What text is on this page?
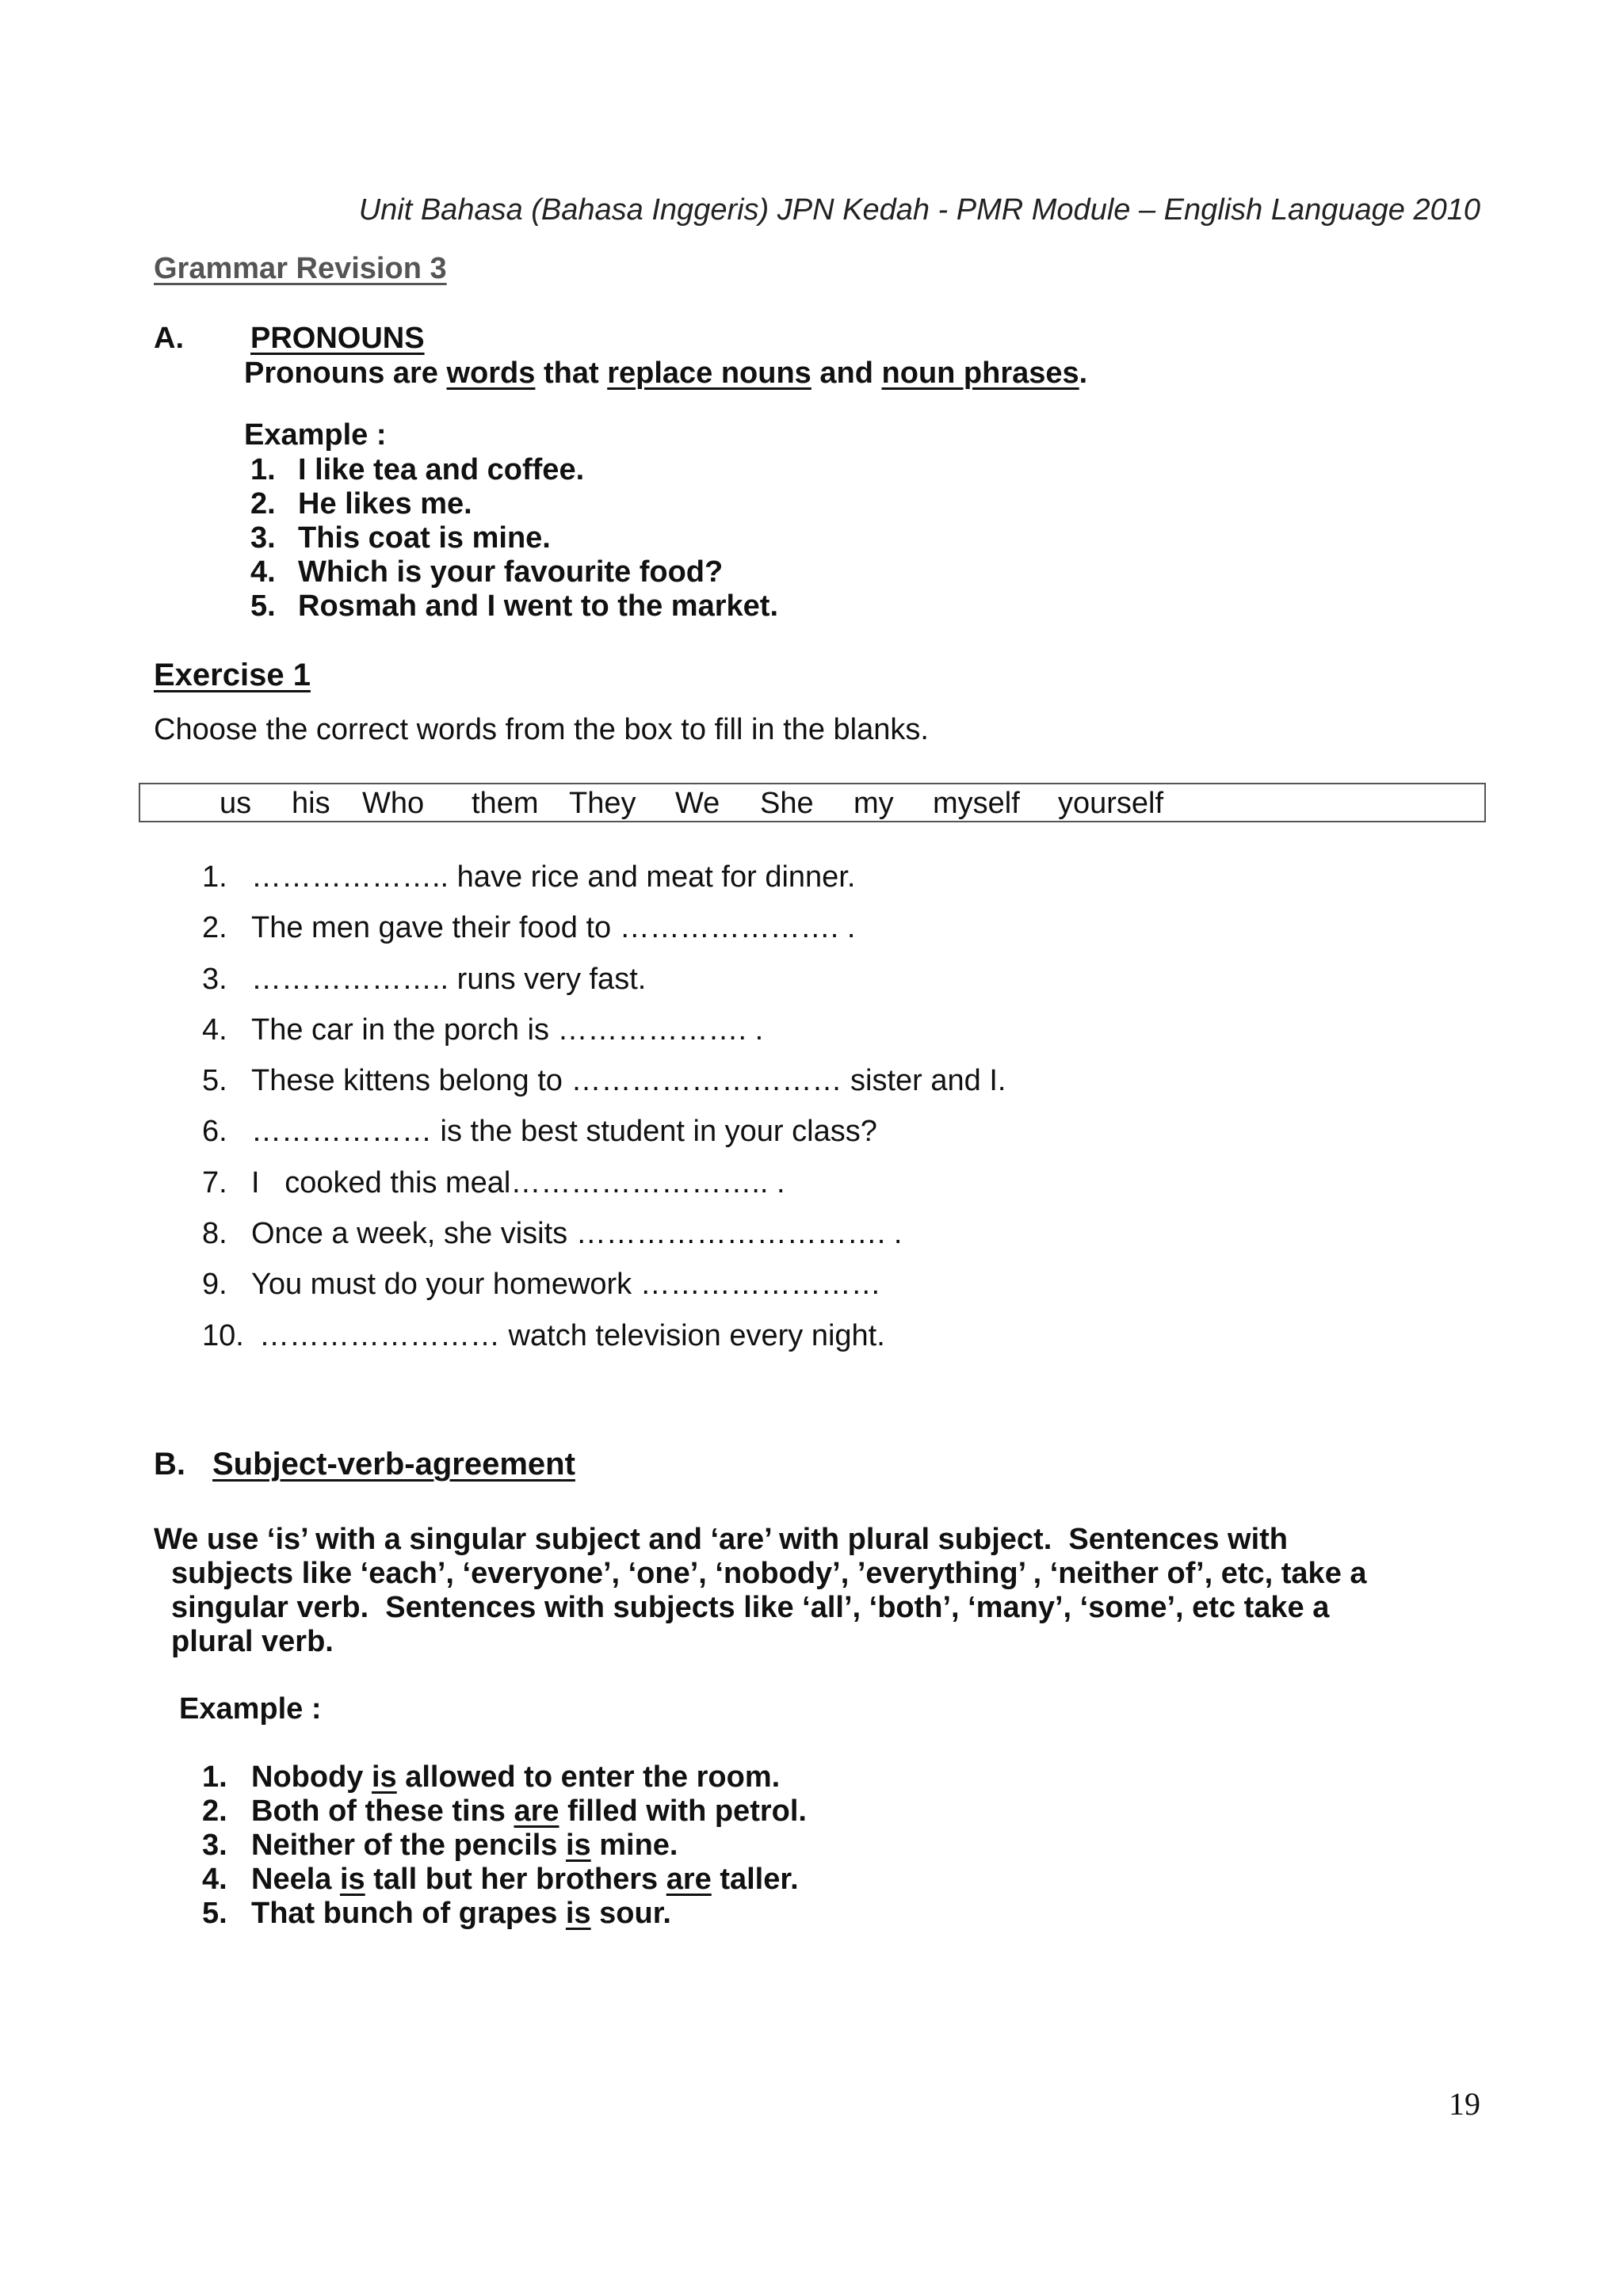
Unit Bahasa (Bahasa Inggeris) JPN Kedah - PMR Module – English Language 2010
Grammar Revision 3
A. PRONOUNS
Pronouns are words that replace nouns and noun phrases.
Example :
1. I like tea and coffee.
2. He likes me.
3. This coat is mine.
4. Which is your favourite food?
5. Rosmah and I went to the market.
Exercise 1
Choose the correct words from the box to fill in the blanks.
us his Who them They We She my myself yourself
1. ……………….. have rice and meat for dinner.
2. The men gave their food to …………………. .
3. ……………….. runs very fast.
4. The car in the porch is ………………. .
5. These kittens belong to ……………………… sister and I.
6. ……………… is the best student in your class?
7. I   cooked this meal…………………….. .
8. Once a week, she visits …………………………. .
9. You must do your homework ……………………
10. …………………… watch television every night.
B. Subject-verb-agreement
We use ‘is’ with a singular subject and ‘are’ with plural subject.  Sentences with
subjects like ‘each’, ‘everyone’, ‘one’, ‘nobody’, ’everything’ , ‘neither of’, etc, take a
singular verb.  Sentences with subjects like ‘all’, ‘both’, ‘many’, ‘some’, etc take a
plural verb.
Example :
1. Nobody is allowed to enter the room.
2. Both of these tins are filled with petrol.
3. Neither of the pencils is mine.
4. Neela is tall but her brothers are taller.
5. That bunch of grapes is sour.
19
